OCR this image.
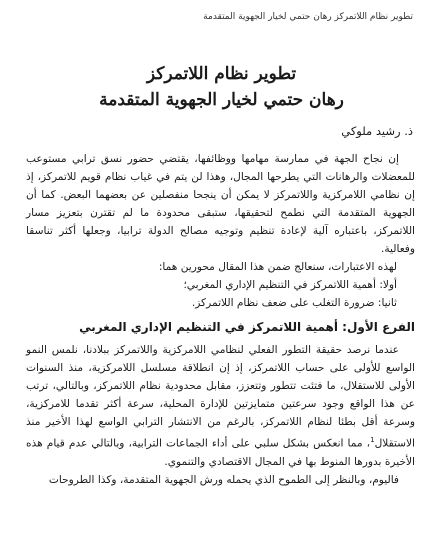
تطوير نظام اللاتمركز رهان حتمي لخيار الجهوية المتقدمة
تطوير نظام اللاتمركز
رهان حتمي لخيار الجهوية المتقدمة
ذ. رشيد ملوكي

إن نجاح الجهة في ممارسة مهامها ووظائفها، يقتضي حضور نسق ترابي مستوعب للمعضلات والرهانات التي يطرحها المجال، وهذا لن يتم في غياب نظام قويم للاتمركز، إذ إن نظامي اللامركزية واللاتمركز لا يمكن أن ينجحا منفصلين عن بعضهما البعض. كما أن الجهوية المتقدمة التي نطمح لتحقيقها، ستبقى محدودة ما لم تقترن بتعزيز مسار اللاتمركز، باعتباره آلية لإعادة تنظيم وتوجيه مصالح الدولة ترابيا، وجعلها أكثر تناسقا وفعالية.

لهذه الاعتبارات، سنعالج ضمن هذا المقال محورين هما:

أولا: أهمية اللاتمركز في التنظيم الإداري المغربي؛

ثانيا: ضرورة التغلب على ضعف نظام اللاتمركز.

الفرع الأول: أهمية اللاتمركز في التنظيم الإداري المغربي

عندما نرصد حقيقة التطور الفعلي لنظامي اللامركزية واللاتمركز ببلادنا، نلمس النمو الواسع للأولى على حساب اللاتمركز، إذ إن انطلاقة مسلسل اللامركزية، منذ السنوات الأولى للاستقلال، ما فتئت تتطور وتتعزز، مقابل محدودية نظام اللاتمركز، وبالتالي، ترتب عن هذا الواقع وجود سرعتين متمايزتين للإدارة المحلية، سرعة أكثر تقدما للامركزية، وسرعة أقل بطئا لنظام اللاتمركز، بالرغم من الانتشار الترابي الواسع لهذا الأخير منذ الاستقلال$^1$، مما انعكس بشكل سلبي على أداء الجماعات الترابية، وبالتالي عدم قيام هذه الأخيرة بدورها المنوط بها في المجال الاقتصادي والتنموي.

فاليوم، وبالنظر إلى الطموح الذي يحمله ورش الجهوية المتقدمة، وكذا الطروحات
